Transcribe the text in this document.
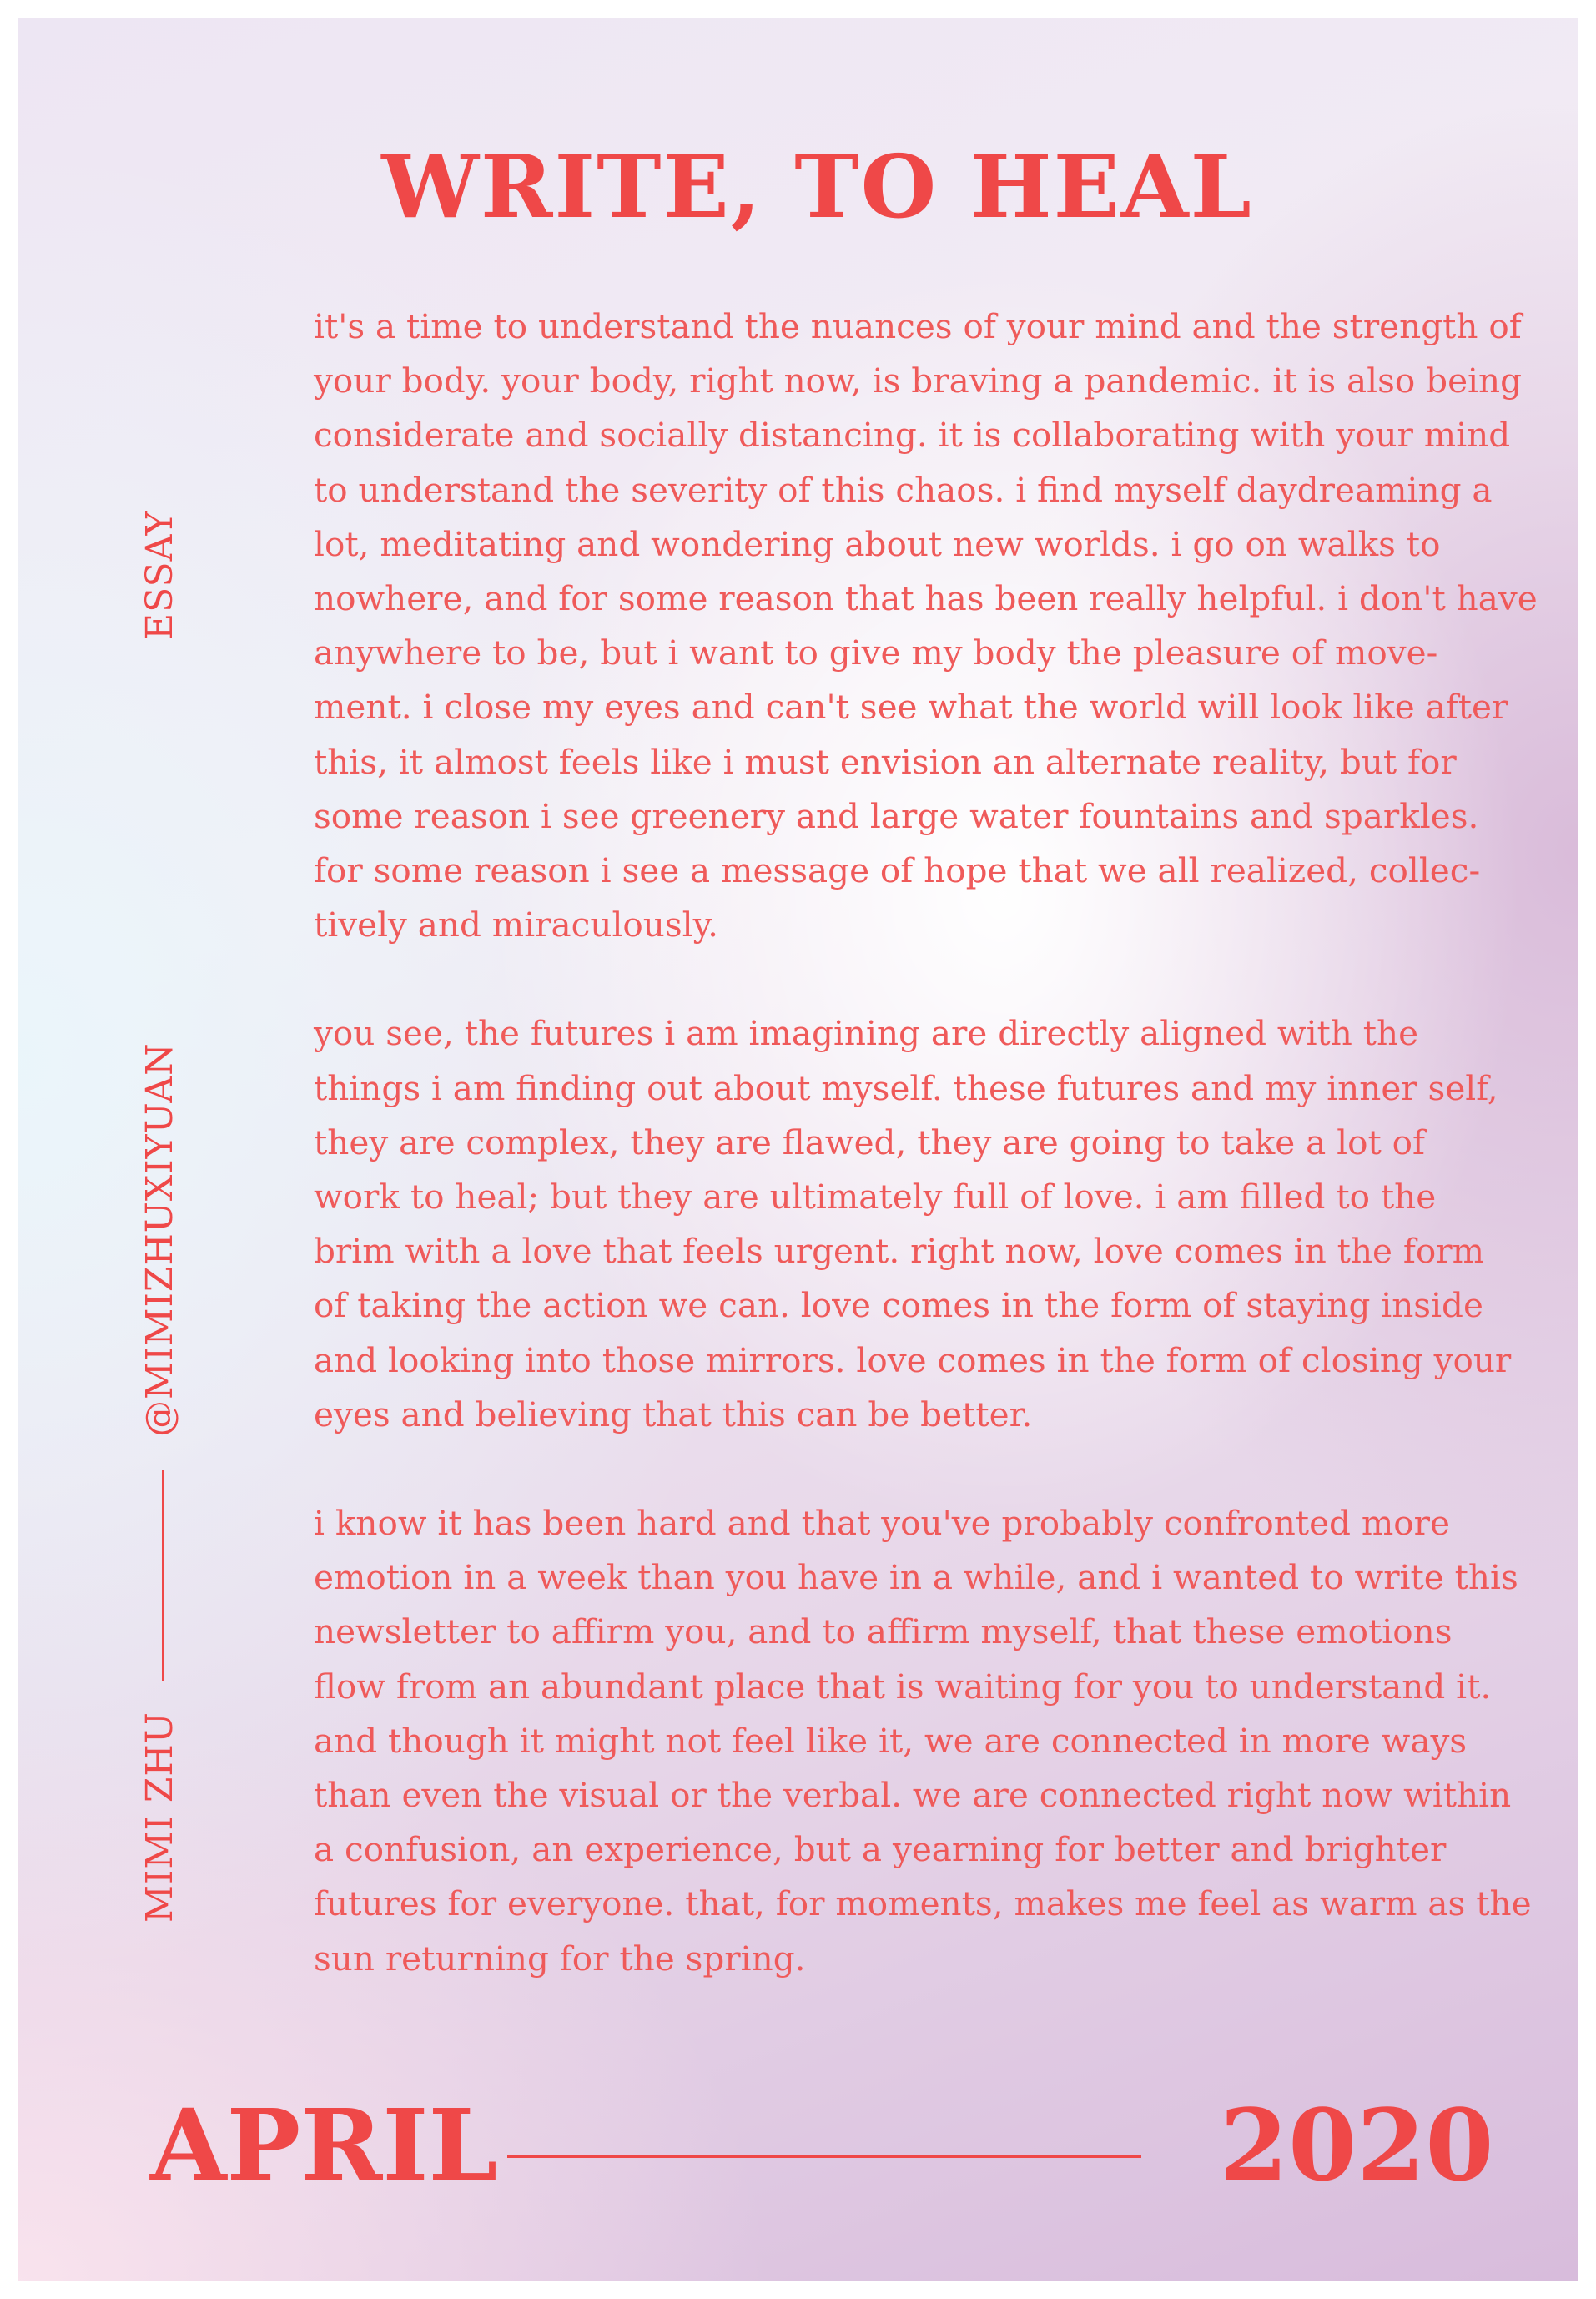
WRITE, TO HEAL
ESSAY
@MIMIZHUXIYUAN
MIMI ZHU

it's a time to understand the nuances of your mind and the strength of
your body. your body, right now, is braving a pandemic. it is also being
considerate and socially distancing. it is collaborating with your mind
to understand the severity of this chaos. i find myself daydreaming a
lot, meditating and wondering about new worlds. i go on walks to
nowhere, and for some reason that has been really helpful. i don't have
anywhere to be, but i want to give my body the pleasure of move-
ment. i close my eyes and can't see what the world will look like after
this, it almost feels like i must envision an alternate reality, but for
some reason i see greenery and large water fountains and sparkles.
for some reason i see a message of hope that we all realized, collec-
tively and miraculously.

you see, the futures i am imagining are directly aligned with the
things i am finding out about myself. these futures and my inner self,
they are complex, they are flawed, they are going to take a lot of
work to heal; but they are ultimately full of love. i am filled to the
brim with a love that feels urgent. right now, love comes in the form
of taking the action we can. love comes in the form of staying inside
and looking into those mirrors. love comes in the form of closing your
eyes and believing that this can be better.

i know it has been hard and that you've probably confronted more
emotion in a week than you have in a while, and i wanted to write this
newsletter to affirm you, and to affirm myself, that these emotions
flow from an abundant place that is waiting for you to understand it.
and though it might not feel like it, we are connected in more ways
than even the visual or the verbal. we are connected right now within
a confusion, an experience, but a yearning for better and brighter
futures for everyone. that, for moments, makes me feel as warm as the
sun returning for the spring.

APRIL	2020
